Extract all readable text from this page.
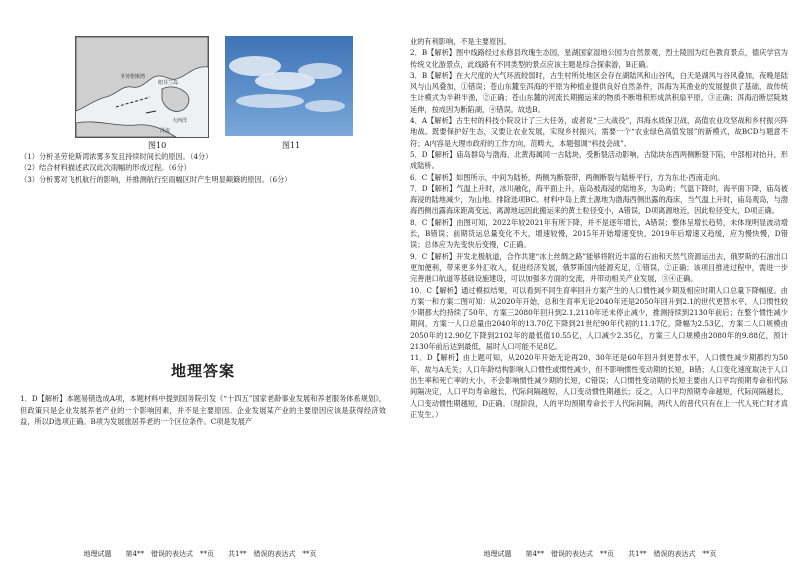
圣劳伦斯湾
纽芬兰岛
大西洋
洋流
图10	图11

（1）分析圣劳伦斯湾浓雾多发且持续时间长的原因。（4分）

（2）结合材料描述武汉此次雨幅的形成过程。（6分）

（3）分析雾对飞机航行的影响，并推测航行至雨幅区时产生明显颠簸的原因。（6分）

地理答案

1．D【解析】本题易错选成A项，本题材料中提到国务院引发《“十四五”国家老龄事业发展和养老服务体系规划》，但政策只是企业发展养老产业的一个影响因素，并不是主要原因。企业发展某产业的主要原因应该是获得经济效益，所以D选项正确。B项为发展旅居养老的一个区位条件。C项是发展产

地理试题　　第4**　错误的表达式　**页　　共1**　错误的表达式　**页

业的有利影响，不是主要原因。

2．B【解析】图中线路经过永修县玫瑰生态园，星湖国家湿地公园为自然景观，烈士陵园为红色教育景点，德庆学宫为传统文化游景点，此线路有不同类型的景点应该主题是综合探索游，B正确。

3．B【解析】在大尺度的大气环流较弱时，古生村所处地区会存在湖陆风和山谷风，白天是湖风与谷风叠加，夜晚是陆风与山风叠加，①错误；苍山东麓至洱海的平原为种植业提供良好自然条件，洱海为其渔业的发展提供了基础，故传统生计模式为半耕半渔，②正确；苍山东麓的河流长期搬运来的物质不断堆积形成洪积扇平原，③正确；洱海沿断层陡坡延伸，按成因为断陷湖，④错误。故选B。

4．A【解析】古生村的科技小院设计了三大任务，或者说“三大战役”，洱海水质保卫战，高值农业攻坚战和乡村振兴阵地战。既要保护好生态，又要让农业发展，实现乡村振兴，需要一个“农业绿色高值发展”的新模式，故BCD与题意不符；A内容是大理市政府的工作方向，范畴大，本题强调“科技会战”。

5．D【解析】庙岛群岛与渤海、北黄海属同一古陆块，受断裂活动影响，古陆块东西两侧断裂下陷，中部相对抬升，形成陆桥。

6．C【解析】如图所示，中间为陆桥，两侧为断裂带，两侧断裂与陆桥平行，方为东北-西南走向。

7．D【解析】气温上升时，冰川融化，海平面上升，庙岛被海浸的陆地多，为岛屿；气温下降时，海平面下降，庙岛被海浸的陆地减少，为山地。排除选项BC。材料中岛上黄土源地为渤海西侧出露的海床，当气温上升时，庙岛观岛，与渤海西侧出露海床距离变远，离源地远因此搬运来的黄土粒径变小，A错误，D项离源地近，因此粒径变大，D项正确。

8．C【解析】由图可知，2022年较2021年有所下降，并不是逐年增长，A错误；整体呈增长趋势，未体现明显波动增长，B错误；前期货运总量变化不大，增速较慢，2015年开始增速变快，2019年后增速又趋缓，应为慢快慢，D错误；总体应为先变快后变慢，C正确。

9．C【解析】开发北极航道，合作共建“冰上丝绸之路”能够将附近丰富的石油和天然气资源运出去，俄罗斯的石油出口更加便利，带来更多外汇收入，促进经济发展，俄罗斯国内能源充足，①错误，②正确；该项目推进过程中，需进一步完善港口航道等基础设施建设，可以加强多方面的交流，并带动相关产业发展，③④正确。

10．C【解析】通过模拟结果，可以看到不同生育率回升方案产生的人口惯性减少期及相应时期人口总量下降幅度。由方案一和方案二图可知：从2020年开始，总和生育率无论2040年还是2050年回升到2.1的世代更替水平，人口惯性较少期都大约持续了50年，方案三2080年回升到2.1,2110年还未停止减少，推测持续到2130年前后；在整个惯性减少期间，方案一人口总量由2040年的13.70亿下降到21世纪90年代初的11.17亿，降幅为2.53亿，方案二人口规模由2050年的12.90亿下降到2102年的最低值10.55亿，人口减少2.35亿，方案三人口规模由2080年的9.88亿，预计2130年前后达到最低，届时人口可能不足8亿。

11．D【解析】由上题可知，从2020年开始无论再20、30年还是60年回升到更替水平，人口惯性减少期都约为50年，故与A无关；人口年龄结构影响人口惯性或惯性减少，但不影响惯性变动期的长短，B错；人口变化速度取决于人口出生率和死亡率的大小，不会影响惯性减少期的长短，C错误；人口惯性变动期的长短主要由人口平均预期寿命和代际间隔决定，人口平均寿命越长，代际间隔越短，人口变动惯性期越长；反之，人口平均预期寿命越短，代际间隔越长，人口变动惯性期越短，D正确。（现阶段，人的平均预期寿命长于人代际间隔，两代人的普代只有在上一代人死亡时才真正发生。）

地理试题　　第4**　错误的表达式　**页　　共1**　错误的表达式　**页
